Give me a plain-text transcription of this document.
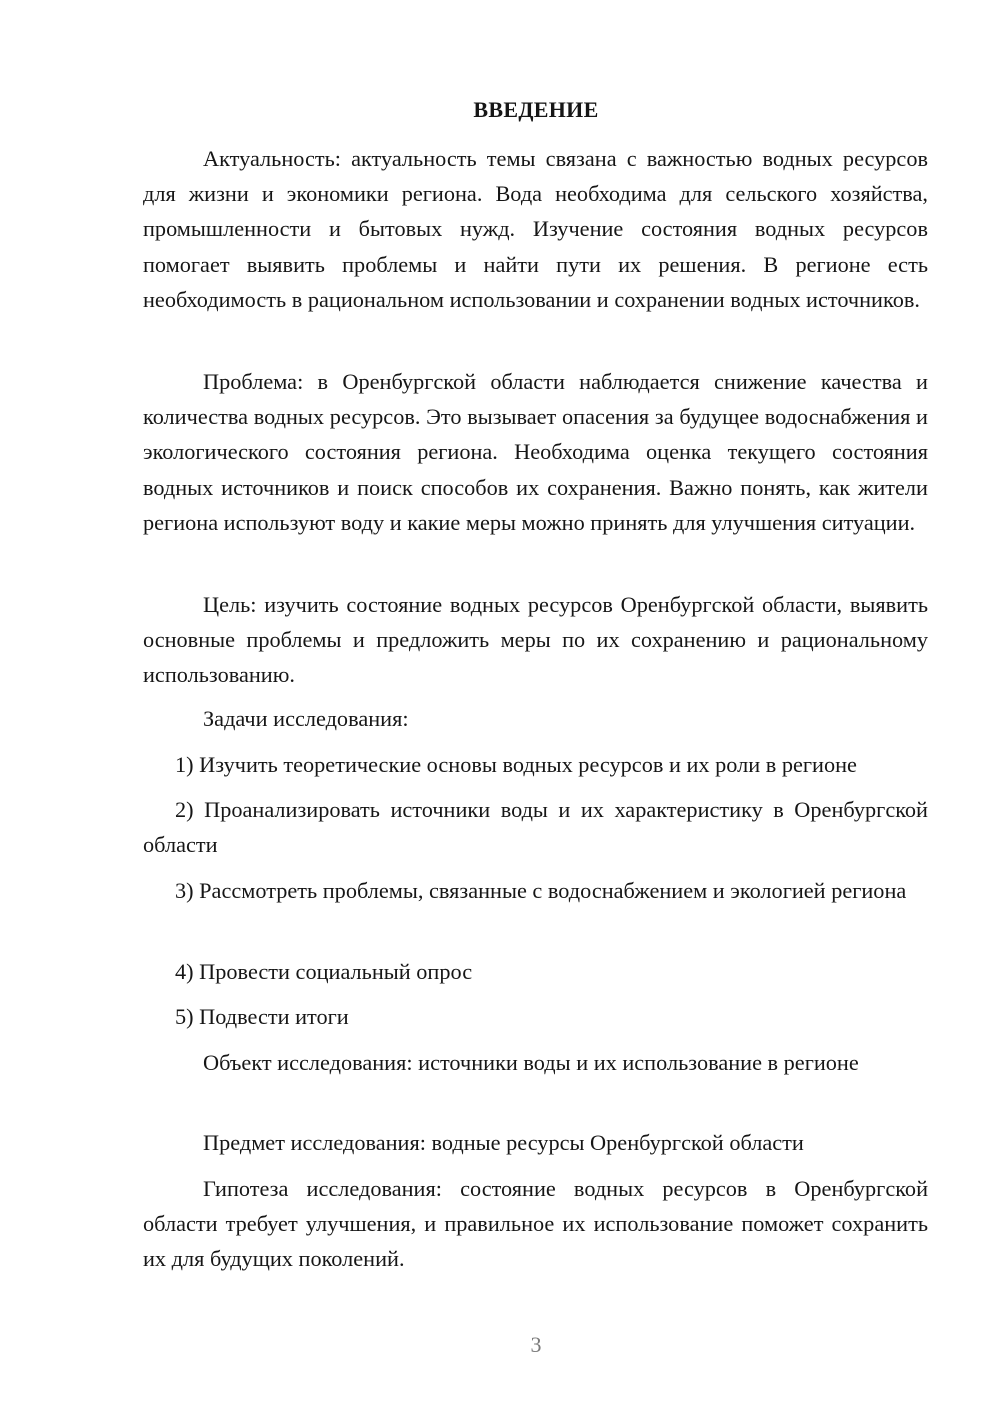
ВВЕДЕНИЕ

Актуальность: актуальность темы связана с важностью водных ресурсов для жизни и экономики региона. Вода необходима для сельского хозяйства, промышленности и бытовых нужд. Изучение состояния водных ресурсов помогает выявить проблемы и найти пути их решения. В регионе есть необходимость в рациональном использовании и сохранении водных источников.

Проблема: в Оренбургской области наблюдается снижение качества и количества водных ресурсов. Это вызывает опасения за будущее водоснабжения и экологического состояния региона. Необходима оценка текущего состояния водных источников и поиск способов их сохранения. Важно понять, как жители региона используют воду и какие меры можно принять для улучшения ситуации.

Цель: изучить состояние водных ресурсов Оренбургской области, выявить основные проблемы и предложить меры по их сохранению и рациональному использованию.

Задачи исследования:

1) Изучить теоретические основы водных ресурсов и их роли в регионе

2) Проанализировать источники воды и их характеристику в Оренбургской области

3) Рассмотреть проблемы, связанные с водоснабжением и экологией региона

4) Провести социальный опрос

5) Подвести итоги

Объект исследования: источники воды и их использование в регионе

Предмет исследования: водные ресурсы Оренбургской области

Гипотеза исследования: состояние водных ресурсов в Оренбургской области требует улучшения, и правильное их использование поможет сохранить их для будущих поколений.

3
